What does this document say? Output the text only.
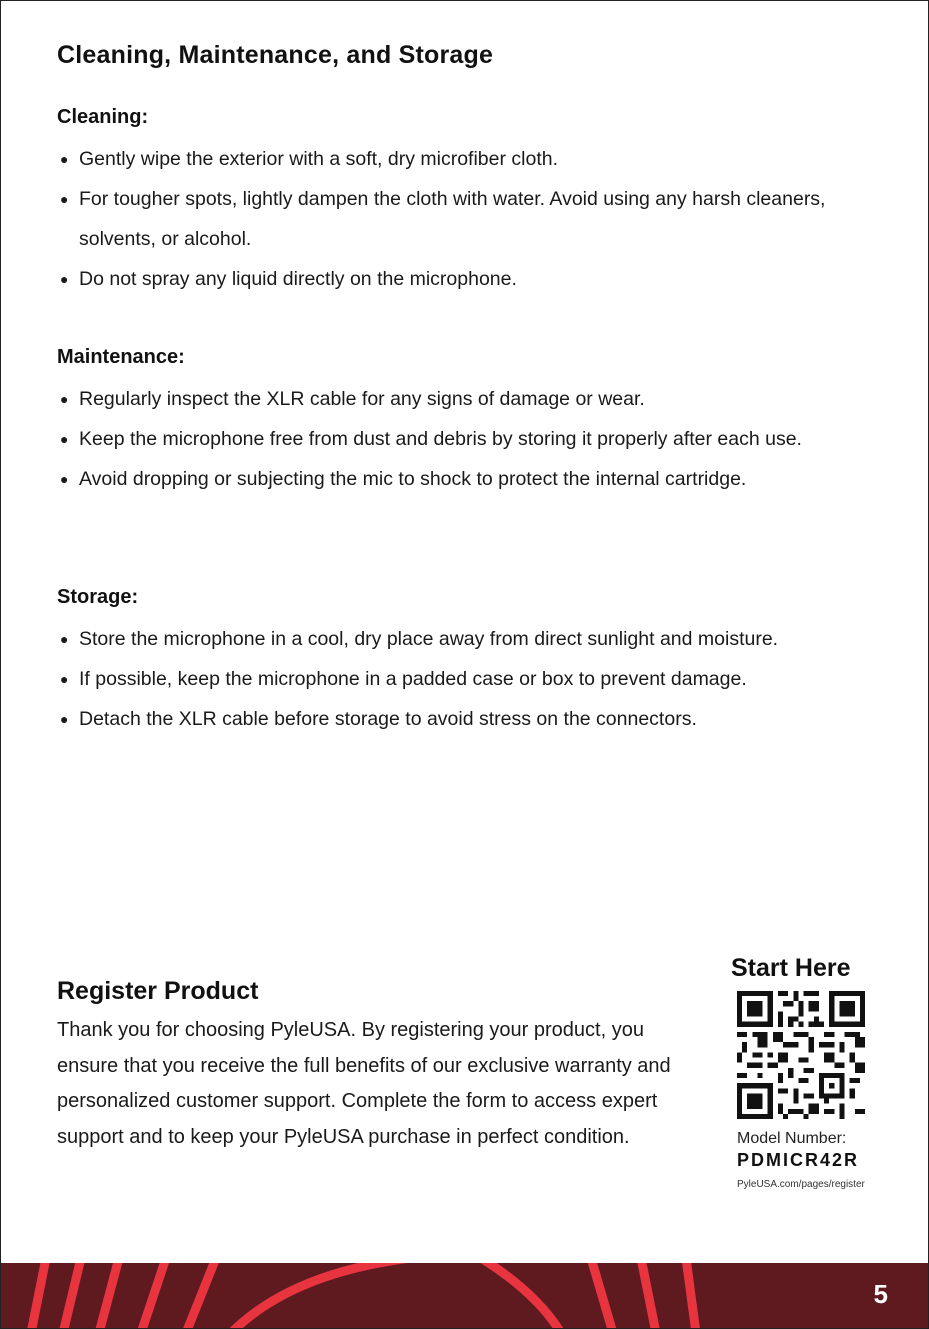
Cleaning, Maintenance, and Storage
Cleaning:
● Gently wipe the exterior with a soft, dry microfiber cloth.
● For tougher spots, lightly dampen the cloth with water. Avoid using any harsh cleaners, solvents, or alcohol.
● Do not spray any liquid directly on the microphone.
Maintenance:
● Regularly inspect the XLR cable for any signs of damage or wear.
● Keep the microphone free from dust and debris by storing it properly after each use.
● Avoid dropping or subjecting the mic to shock to protect the internal cartridge.
Storage:
● Store the microphone in a cool, dry place away from direct sunlight and moisture.
● If possible, keep the microphone in a padded case or box to prevent damage.
● Detach the XLR cable before storage to avoid stress on the connectors.
Register Product

Thank you for choosing PyleUSA. By registering your product, you ensure that you receive the full benefits of our exclusive warranty and personalized customer support. Complete the form to access expert support and to keep your PyleUSA purchase in perfect condition.

Start Here
Model Number:
PDMICR42R
PyleUSA.com/pages/register
5
